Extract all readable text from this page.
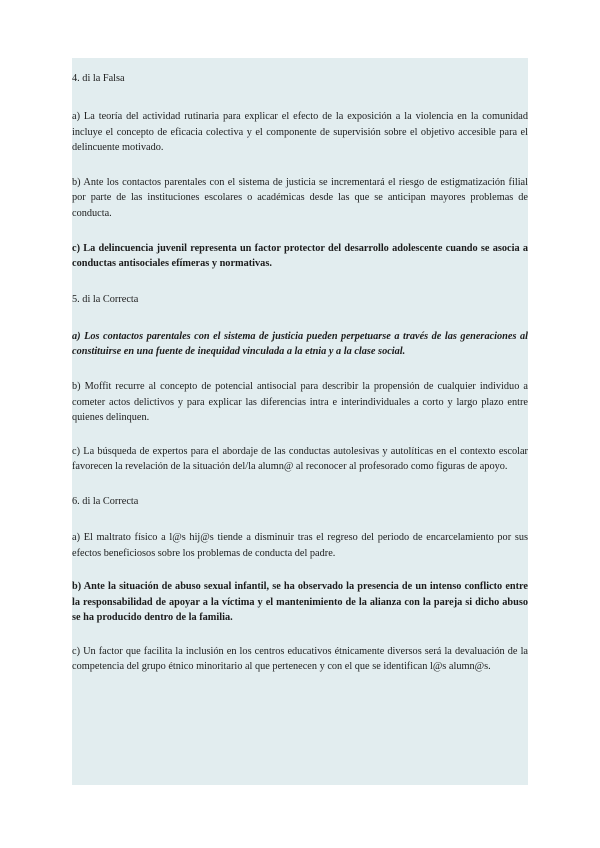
4. di la Falsa

a) La teoría del actividad rutinaria para explicar el efecto de la exposición a la violencia en la comunidad incluye el concepto de eficacia colectiva y el componente de supervisión sobre el objetivo accesible para el delincuente motivado.

b) Ante los contactos parentales con el sistema de justicia se incrementará el riesgo de estigmatización filial por parte de las instituciones escolares o académicas desde las que se anticipan mayores problemas de conducta.

c) La delincuencia juvenil representa un factor protector del desarrollo adolescente cuando se asocia a conductas antisociales efímeras y normativas.

5. di la Correcta

a) Los contactos parentales con el sistema de justicia pueden perpetuarse a través de las generaciones al constituirse en una fuente de inequidad vinculada a la etnia y a la clase social.

b) Moffit recurre al concepto de potencial antisocial para describir la propensión de cualquier individuo a cometer actos delictivos y para explicar las diferencias intra e interindividuales a corto y largo plazo entre quienes delinquen.

c) La búsqueda de expertos para el abordaje de las conductas autolesivas y autolíticas en el contexto escolar favorecen la revelación de la situación del/la alumn@ al reconocer al profesorado como figuras de apoyo.

6. di la Correcta

a) El maltrato físico a l@s hij@s tiende a disminuir tras el regreso del periodo de encarcelamiento por sus efectos beneficiosos sobre los problemas de conducta del padre.

b) Ante la situación de abuso sexual infantil, se ha observado la presencia de un intenso conflicto entre la responsabilidad de apoyar a la víctima y el mantenimiento de la alianza con la pareja si dicho abuso se ha producido dentro de la familia.

c) Un factor que facilita la inclusión en los centros educativos étnicamente diversos será la devaluación de la competencia del grupo étnico minoritario al que pertenecen y con el que se identifican l@s alumn@s.
